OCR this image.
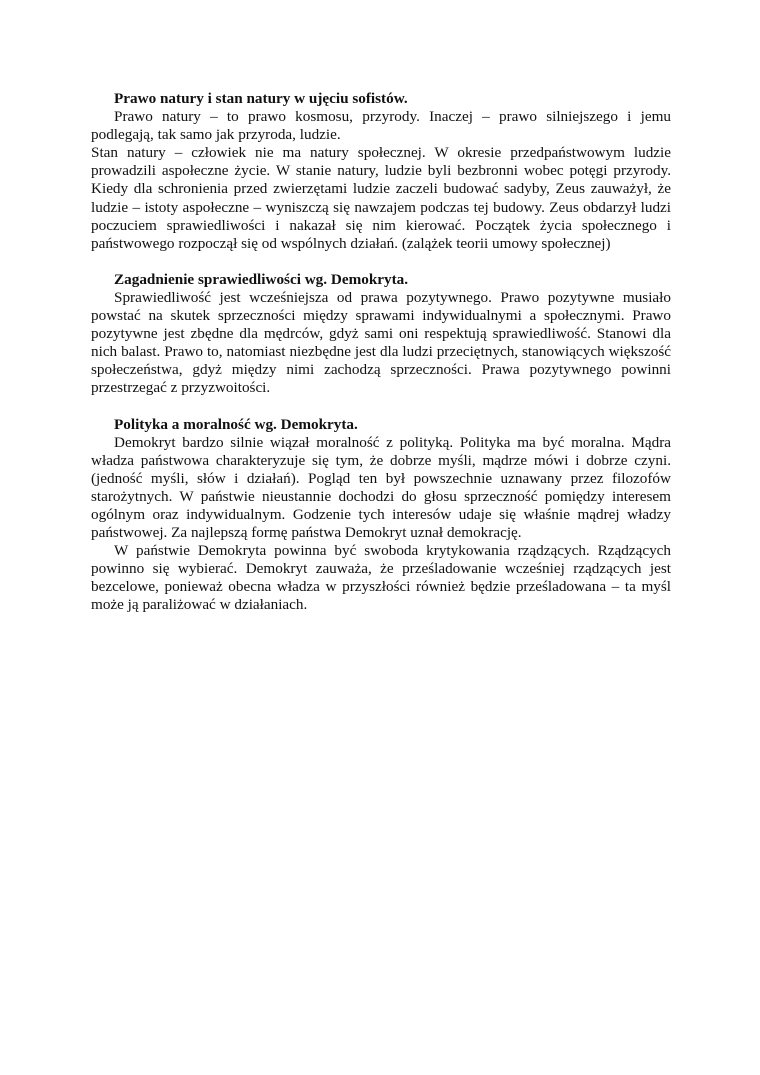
Prawo natury i stan natury w ujęciu sofistów.

Prawo natury – to prawo kosmosu, przyrody. Inaczej – prawo silniejszego i jemu podlegają, tak samo jak przyroda, ludzie.

Stan natury – człowiek nie ma natury społecznej. W okresie przedpaństwowym ludzie prowadzili aspołeczne życie. W stanie natury, ludzie byli bezbronni wobec potęgi przyrody. Kiedy dla schronienia przed zwierzętami ludzie zaczeli budować sadyby, Zeus zauważył, że ludzie – istoty aspołeczne – wyniszczą się nawzajem podczas tej budowy. Zeus obdarzył ludzi poczuciem sprawiedliwości i nakazał się nim kierować. Początek życia społecznego i państwowego rozpoczął się od wspólnych działań. (zalążek teorii umowy społecznej)

Zagadnienie sprawiedliwości wg. Demokryta.

Sprawiedliwość jest wcześniejsza od prawa pozytywnego. Prawo pozytywne musiało powstać na skutek sprzeczności między sprawami indywidualnymi a społecznymi. Prawo pozytywne jest zbędne dla mędrców, gdyż sami oni respektują sprawiedliwość. Stanowi dla nich balast. Prawo to, natomiast niezbędne jest dla ludzi przeciętnych, stanowiących większość społeczeństwa, gdyż między nimi zachodzą sprzeczności. Prawa pozytywnego powinni przestrzegać z przyzwoitości.

Polityka a moralność wg. Demokryta.

Demokryt bardzo silnie wiązał moralność z polityką. Polityka ma być moralna. Mądra władza państwowa charakteryzuje się tym, że dobrze myśli, mądrze mówi i dobrze czyni. (jedność myśli, słów i działań). Pogląd ten był powszechnie uznawany przez filozofów starożytnych. W państwie nieustannie dochodzi do głosu sprzeczność pomiędzy interesem ogólnym oraz indywidualnym. Godzenie tych interesów udaje się właśnie mądrej władzy państwowej. Za najlepszą formę państwa Demokryt uznał demokrację.

W państwie Demokryta powinna być swoboda krytykowania rządzących. Rządzących powinno się wybierać. Demokryt zauważa, że prześladowanie wcześniej rządzących jest bezcelowe, ponieważ obecna władza w przyszłości również będzie prześladowana – ta myśl może ją paraliżować w działaniach.
